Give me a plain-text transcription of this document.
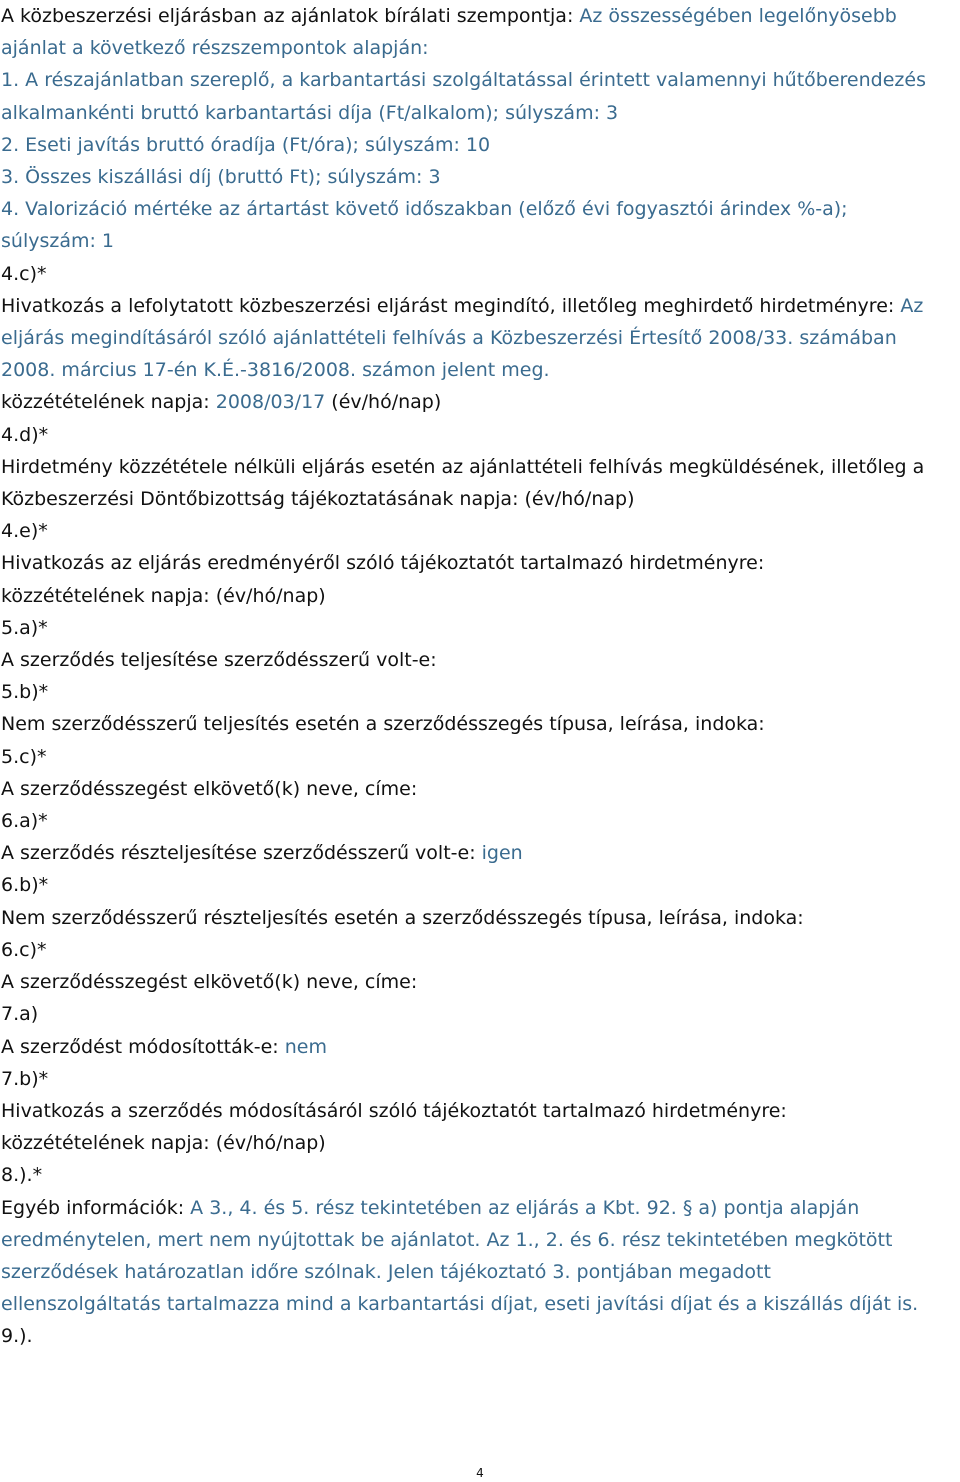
A közbeszerzési eljárásban az ajánlatok bírálati szempontja: Az összességében legelőnyösebb
ajánlat a következő részszempontok alapján:
1. A részajánlatban szereplő, a karbantartási szolgáltatással érintett valamennyi hűtőberendezés
alkalmankénti bruttó karbantartási díja (Ft/alkalom); súlyszám: 3
2. Eseti javítás bruttó óradíja (Ft/óra); súlyszám: 10
3. Összes kiszállási díj (bruttó Ft); súlyszám: 3
4. Valorizáció mértéke az ártartást követő időszakban (előző évi fogyasztói árindex %-a);
súlyszám: 1
4.c)*
Hivatkozás a lefolytatott közbeszerzési eljárást megindító, illetőleg meghirdető hirdetményre: Az
eljárás megindításáról szóló ajánlattételi felhívás a Közbeszerzési Értesítő 2008/33. számában
2008. március 17-én K.É.-3816/2008. számon jelent meg.
közzétételének napja: 2008/03/17 (év/hó/nap)
4.d)*
Hirdetmény közzététele nélküli eljárás esetén az ajánlattételi felhívás megküldésének, illetőleg a
Közbeszerzési Döntőbizottság tájékoztatásának napja: (év/hó/nap)
4.e)*
Hivatkozás az eljárás eredményéről szóló tájékoztatót tartalmazó hirdetményre:
közzétételének napja: (év/hó/nap)
5.a)*
A szerződés teljesítése szerződésszerű volt-e:
5.b)*
Nem szerződésszerű teljesítés esetén a szerződésszegés típusa, leírása, indoka:
5.c)*
A szerződésszegést elkövető(k) neve, címe:
6.a)*
A szerződés részteljesítése szerződésszerű volt-e: igen
6.b)*
Nem szerződésszerű részteljesítés esetén a szerződésszegés típusa, leírása, indoka:
6.c)*
A szerződésszegést elkövető(k) neve, címe:
7.a)
A szerződést módosították-e: nem
7.b)*
Hivatkozás a szerződés módosításáról szóló tájékoztatót tartalmazó hirdetményre:
közzétételének napja: (év/hó/nap)
8.).*
Egyéb információk: A 3., 4. és 5. rész tekintetében az eljárás a Kbt. 92. § a) pontja alapján
eredménytelen, mert nem nyújtottak be ajánlatot. Az 1., 2. és 6. rész tekintetében megkötött
szerződések határozatlan időre szólnak. Jelen tájékoztató 3. pontjában megadott
ellenszolgáltatás tartalmazza mind a karbantartási díjat, eseti javítási díjat és a kiszállás díját is.
9.).
4
